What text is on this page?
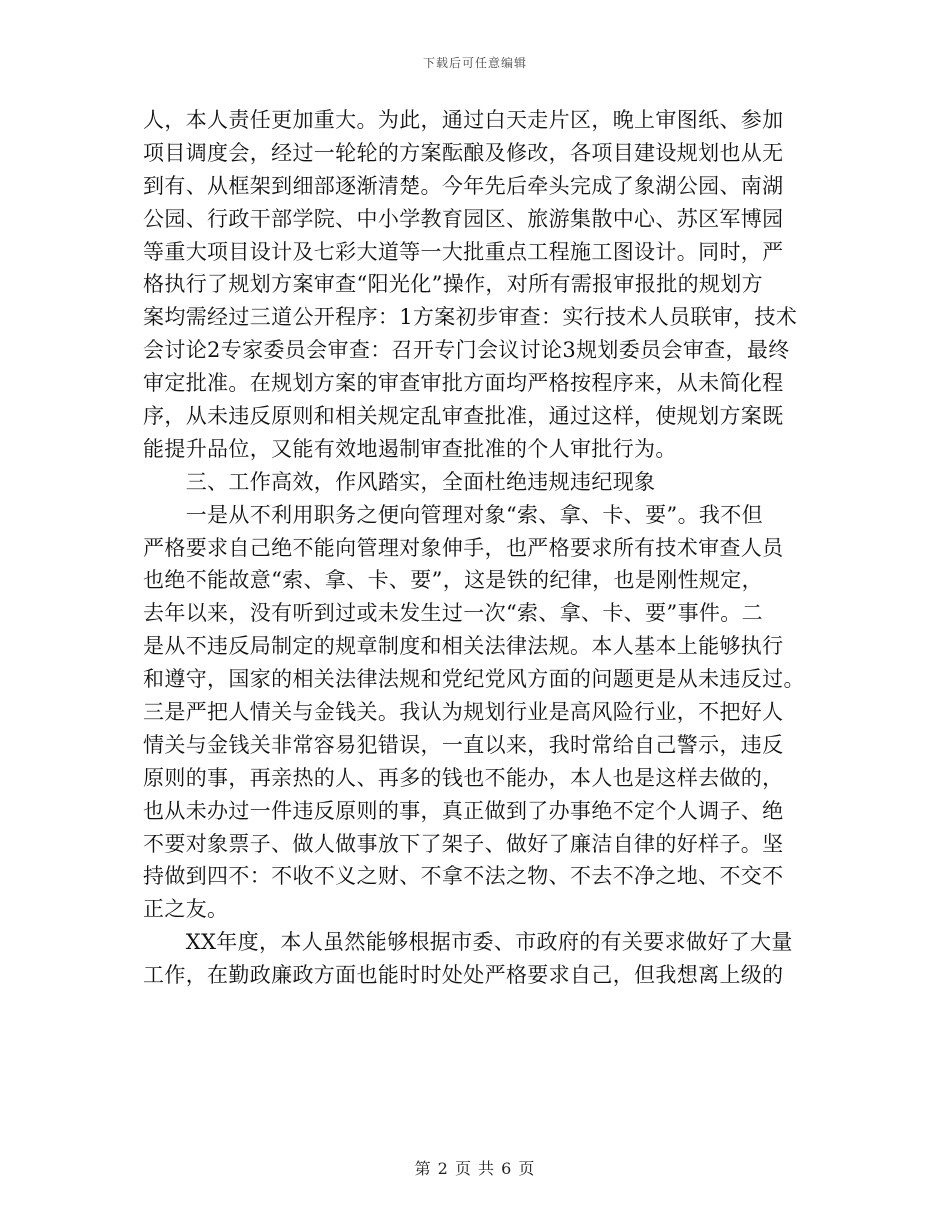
下载后可任意编辑
人，本人责任更加重大。为此，通过白天走片区，晚上审图纸、参加
项目调度会，经过一轮轮的方案酝酿及修改，各项目建设规划也从无
到有、从框架到细部逐渐清楚。今年先后牵头完成了象湖公园、南湖
公园、行政干部学院、中小学教育园区、旅游集散中心、苏区军博园
等重大项目设计及七彩大道等一大批重点工程施工图设计。同时，严
格执行了规划方案审查“阳光化”操作，对所有需报审报批的规划方
案均需经过三道公开程序：1方案初步审查：实行技术人员联审，技术
会讨论2专家委员会审查：召开专门会议讨论3规划委员会审查，最终
审定批准。在规划方案的审查审批方面均严格按程序来，从未简化程
序，从未违反原则和相关规定乱审查批准，通过这样，使规划方案既
能提升品位，又能有效地遏制审查批准的个人审批行为。
　　三、工作高效，作风踏实，全面杜绝违规违纪现象
　　一是从不利用职务之便向管理对象“索、拿、卡、要”。我不但
严格要求自己绝不能向管理对象伸手，也严格要求所有技术审查人员
也绝不能故意“索、拿、卡、要”，这是铁的纪律，也是刚性规定，
去年以来，没有听到过或未发生过一次“索、拿、卡、要”事件。二
是从不违反局制定的规章制度和相关法律法规。本人基本上能够执行
和遵守，国家的相关法律法规和党纪党风方面的问题更是从未违反过。
三是严把人情关与金钱关。我认为规划行业是高风险行业，不把好人
情关与金钱关非常容易犯错误，一直以来，我时常给自己警示，违反
原则的事，再亲热的人、再多的钱也不能办，本人也是这样去做的，
也从未办过一件违反原则的事，真正做到了办事绝不定个人调子、绝
不要对象票子、做人做事放下了架子、做好了廉洁自律的好样子。坚
持做到四不：不收不义之财、不拿不法之物、不去不净之地、不交不
正之友。
　　XX年度，本人虽然能够根据市委、市政府的有关要求做好了大量
工作，在勤政廉政方面也能时时处处严格要求自己，但我想离上级的
第 2 页 共 6 页
